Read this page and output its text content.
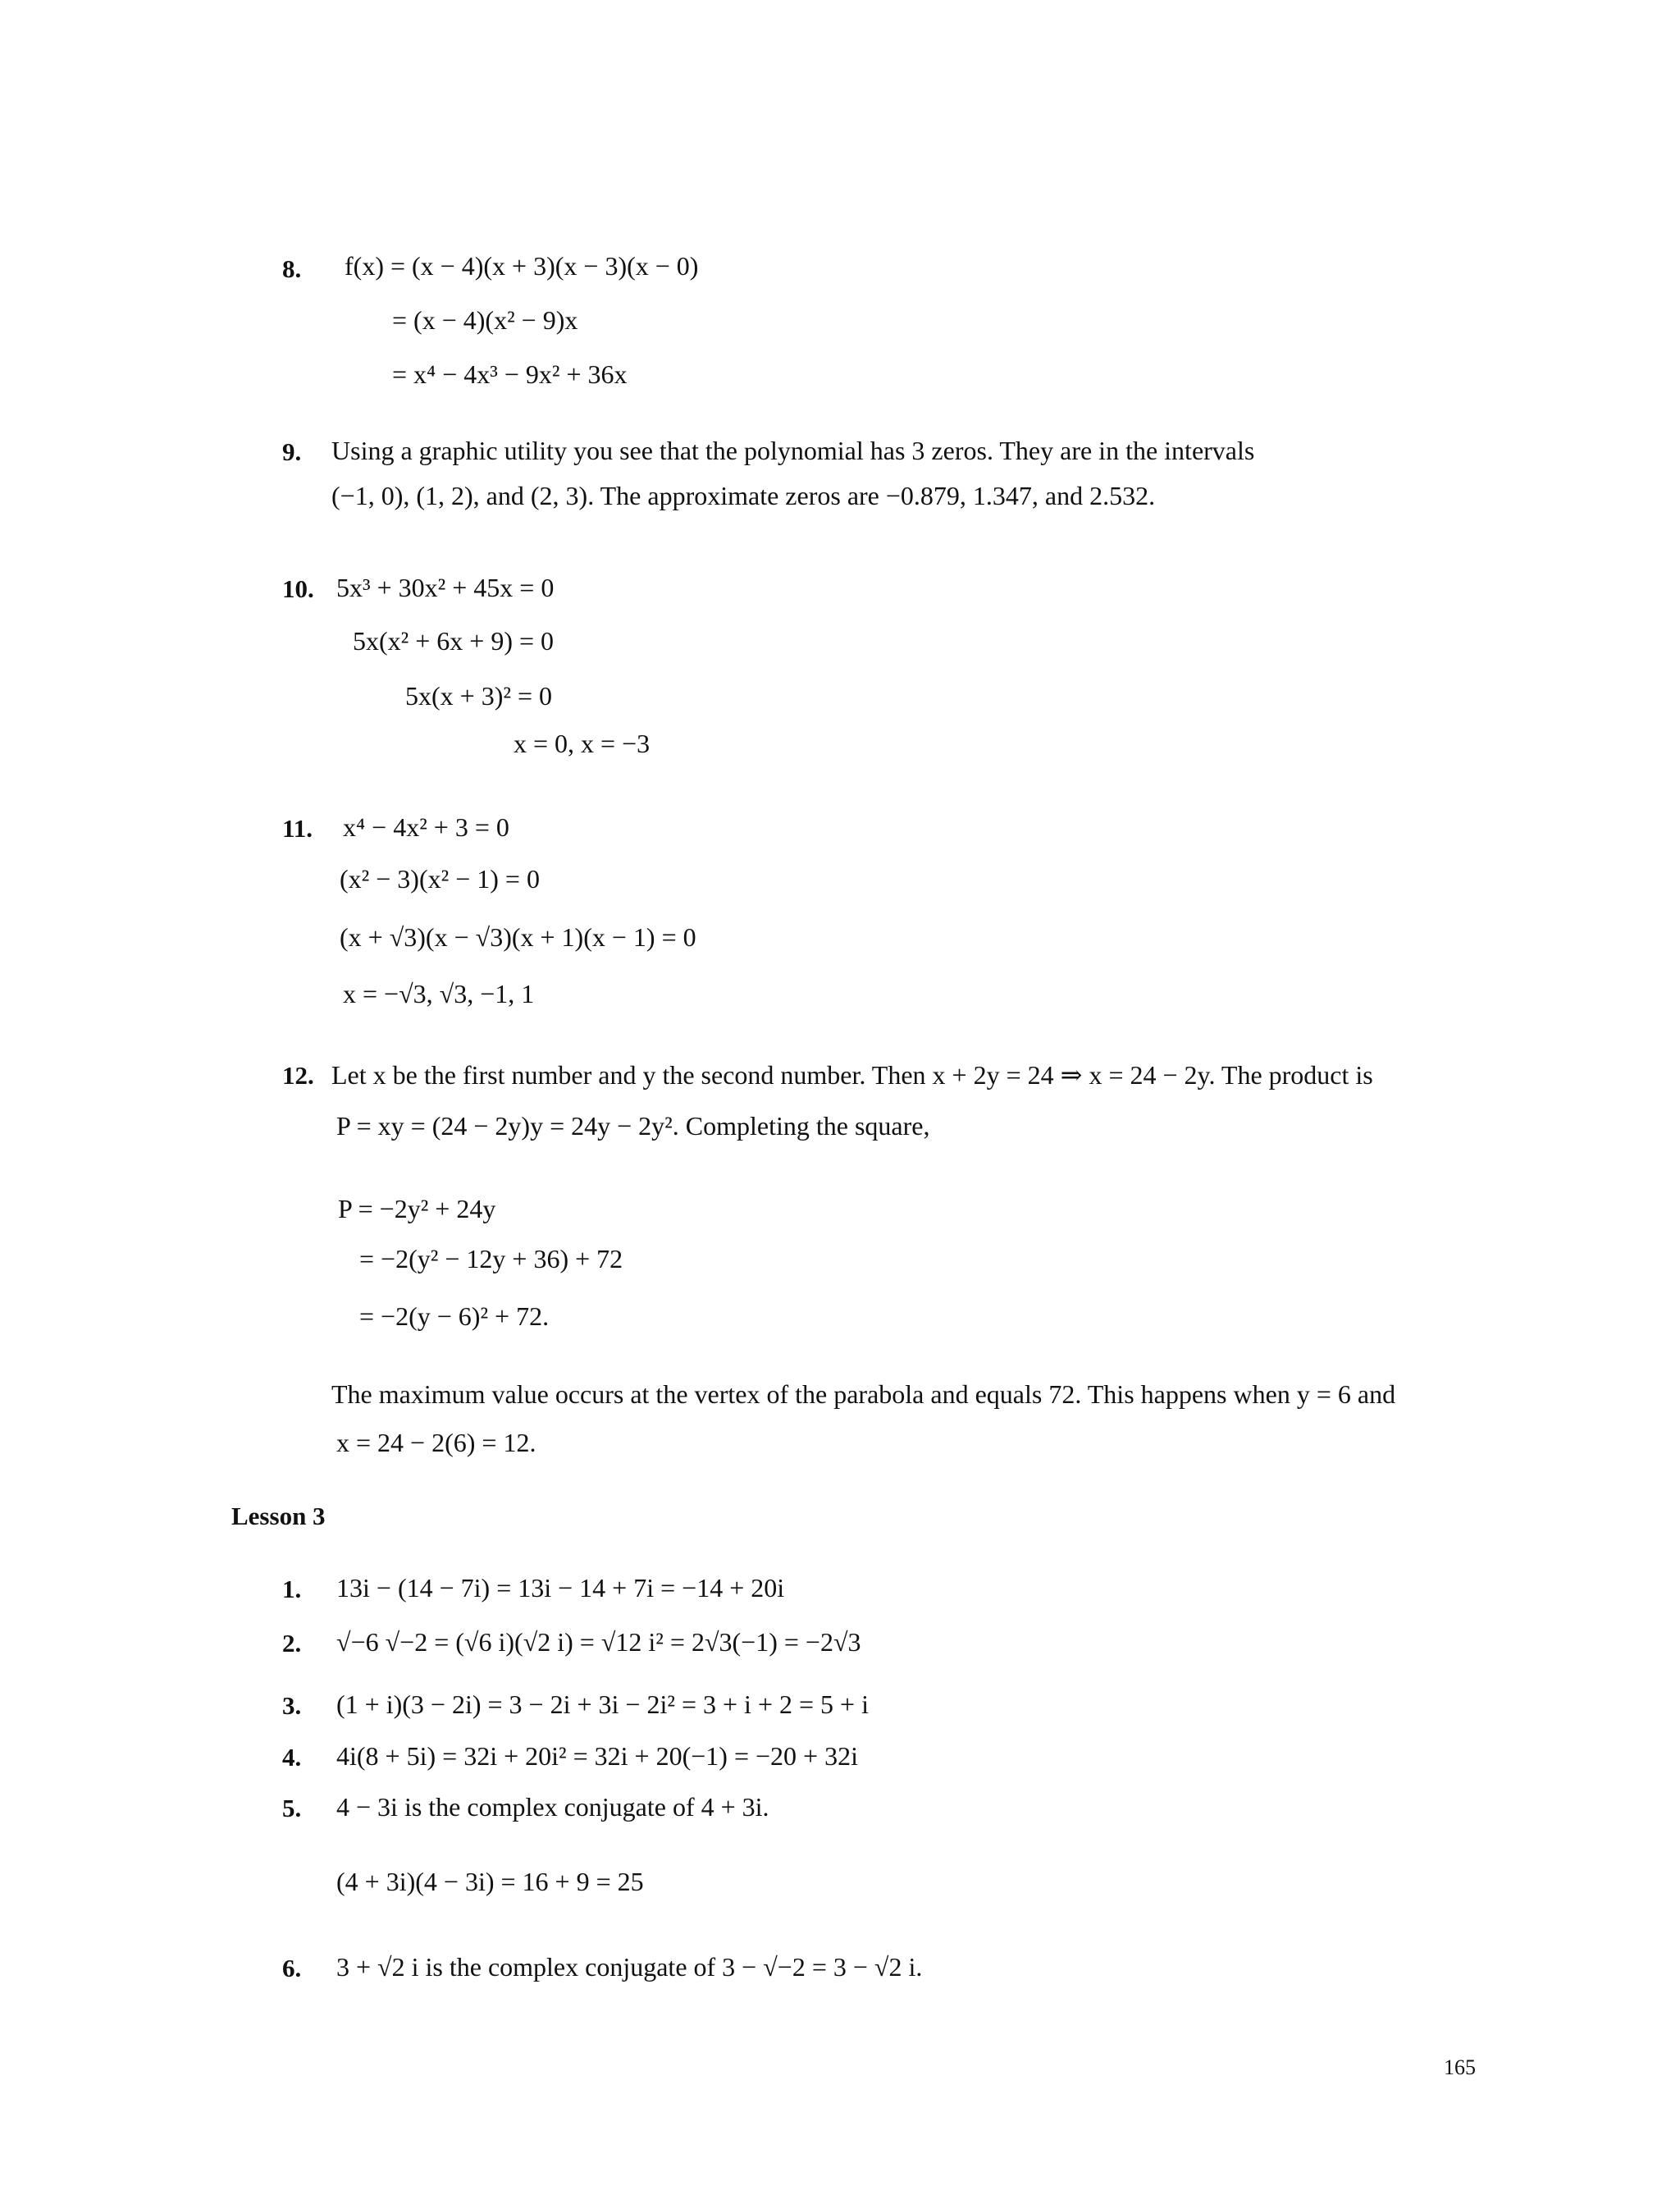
8. f(x) = (x − 4)(x + 3)(x − 3)(x − 0)
= (x − 4)(x² − 9)x
= x⁴ − 4x³ − 9x² + 36x
9. Using a graphic utility you see that the polynomial has 3 zeros. They are in the intervals
(−1, 0), (1, 2), and (2, 3). The approximate zeros are −0.879, 1.347, and 2.532.
10. 5x³ + 30x² + 45x = 0
5x(x² + 6x + 9) = 0
5x(x + 3)² = 0
x = 0, x = −3
11. x⁴ − 4x² + 3 = 0
(x² − 3)(x² − 1) = 0
(x + √3)(x − √3)(x + 1)(x − 1) = 0
x = −√3, √3, −1, 1
12. Let x be the first number and y the second number. Then x + 2y = 24 ⇒ x = 24 − 2y. The product is
P = xy = (24 − 2y)y = 24y − 2y². Completing the square,
P = −2y² + 24y
= −2(y² − 12y + 36) + 72
= −2(y − 6)² + 72.
The maximum value occurs at the vertex of the parabola and equals 72. This happens when y = 6 and
x = 24 − 2(6) = 12.
Lesson 3
1. 13i − (14 − 7i) = 13i − 14 + 7i = −14 + 20i
2. √−6 √−2 = (√6 i)(√2 i) = √12 i² = 2√3(−1) = −2√3
3. (1 + i)(3 − 2i) = 3 − 2i + 3i − 2i² = 3 + i + 2 = 5 + i
4. 4i(8 + 5i) = 32i + 20i² = 32i + 20(−1) = −20 + 32i
5. 4 − 3i is the complex conjugate of 4 + 3i.
(4 + 3i)(4 − 3i) = 16 + 9 = 25
6. 3 + √2 i is the complex conjugate of 3 − √−2 = 3 − √2 i.
165
